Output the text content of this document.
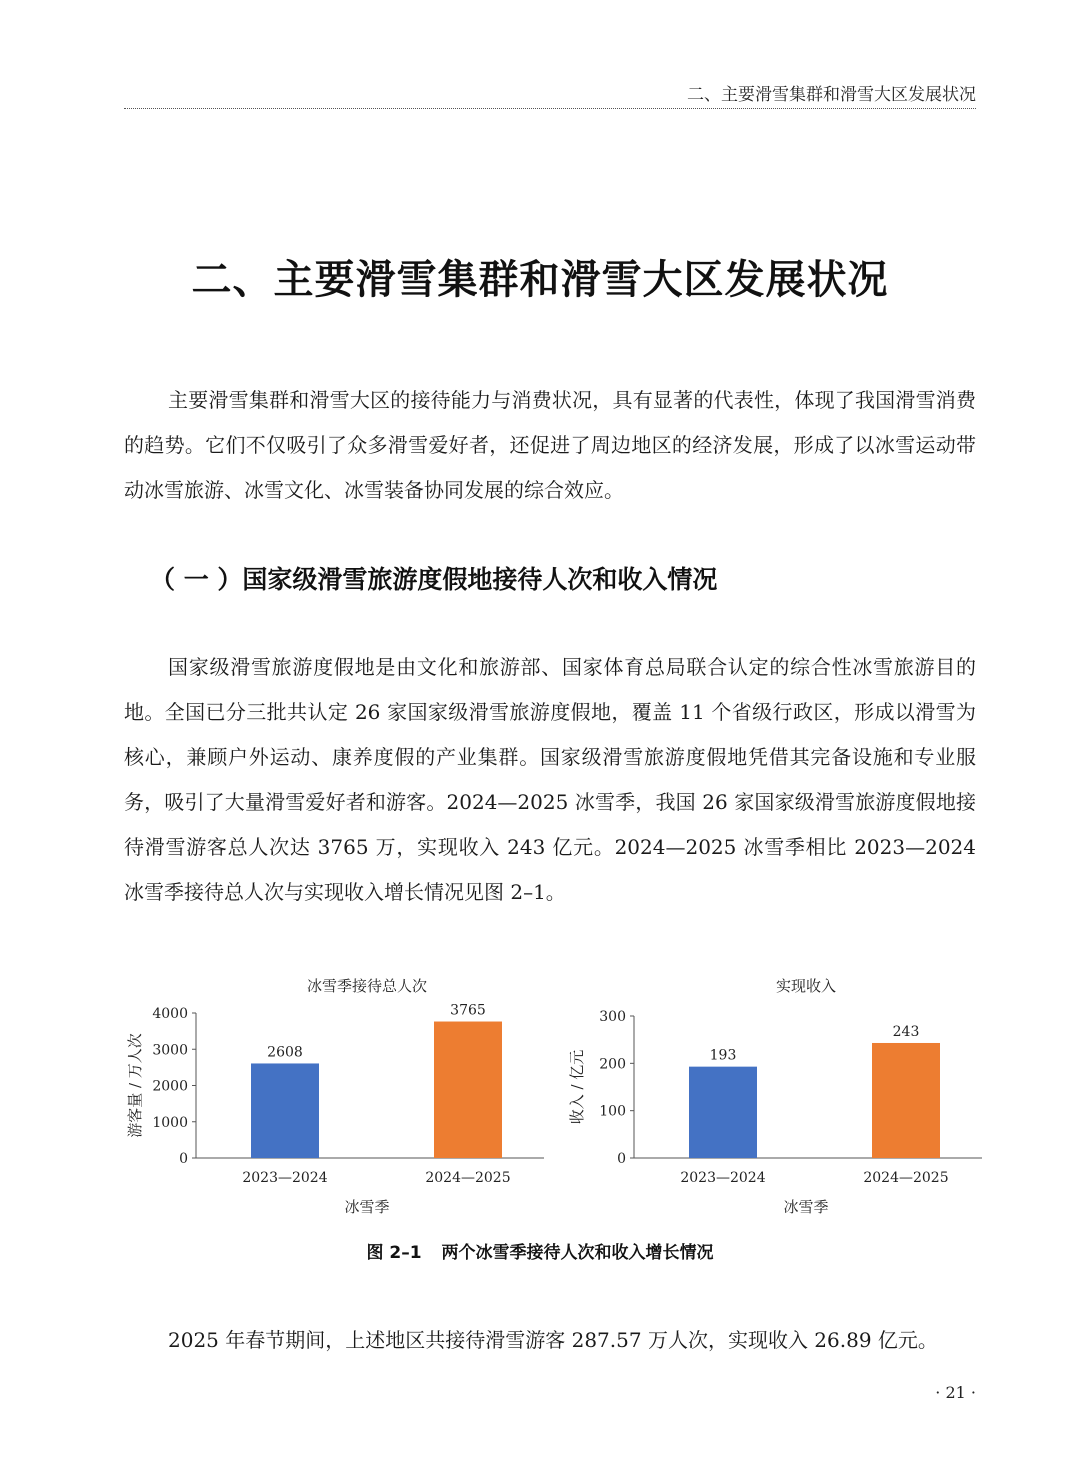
二、主要滑雪集群和滑雪大区发展状况
二、主要滑雪集群和滑雪大区发展状况

主要滑雪集群和滑雪大区的接待能力与消费状况，具有显著的代表性，体现了我国滑雪消费的趋势。它们不仅吸引了众多滑雪爱好者，还促进了周边地区的经济发展，形成了以冰雪运动带动冰雪旅游、冰雪文化、冰雪装备协同发展的综合效应。

（ 一 ）国家级滑雪旅游度假地接待人次和收入情况

国家级滑雪旅游度假地是由文化和旅游部、国家体育总局联合认定的综合性冰雪旅游目的地。全国已分三批共认定 26 家国家级滑雪旅游度假地，覆盖 11 个省级行政区，形成以滑雪为核心，兼顾户外运动、康养度假的产业集群。国家级滑雪旅游度假地凭借其完备设施和专业服务，吸引了大量滑雪爱好者和游客。2024—2025 冰雪季，我国 26 家国家级滑雪旅游度假地接待滑雪游客总人次达 3765 万，实现收入 243 亿元。2024—2025 冰雪季相比 2023—2024 冰雪季接待总人次与实现收入增长情况见图 2–1。

冰雪季接待总人次
0
1000
2000
3000
4000
游客量 / 万人次	2608
2023—2024
3765
2024—2025
冰雪季
实现收入
0
100
200
300
收入 / 亿元	193
2023—2024
243
2024—2025
冰雪季
图 2–1 两个冰雪季接待人次和收入增长情况

2025 年春节期间，上述地区共接待滑雪游客 287.57 万人次，实现收入 26.89 亿元。

· 21 ·
